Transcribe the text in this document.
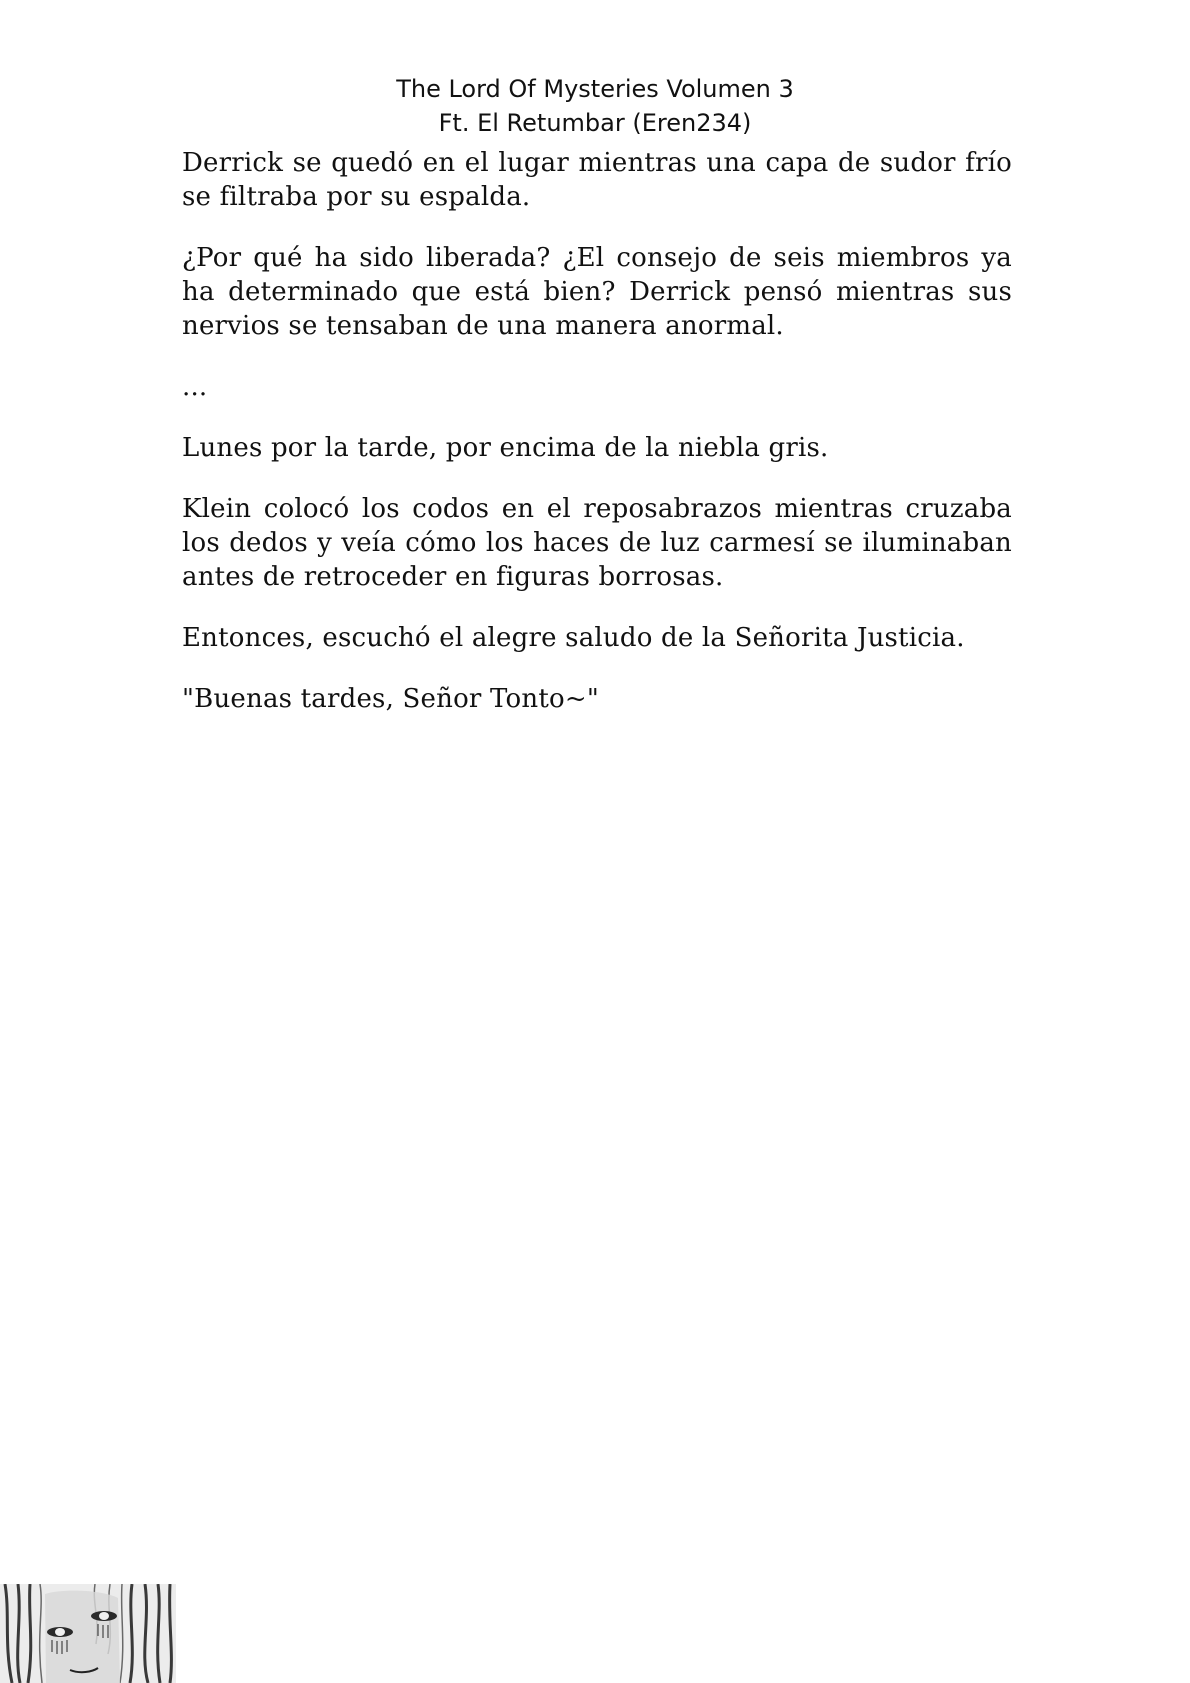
The Lord Of Mysteries Volumen 3
Ft. El Retumbar (Eren234)

Derrick se quedó en el lugar mientras una capa de sudor frío se filtraba por su espalda.

¿Por qué ha sido liberada? ¿El consejo de seis miembros ya ha determinado que está bien? Derrick pensó mientras sus nervios se tensaban de una manera anormal.

...

Lunes por la tarde, por encima de la niebla gris.

Klein colocó los codos en el reposabrazos mientras cruzaba los dedos y veía cómo los haces de luz carmesí se iluminaban antes de retroceder en figuras borrosas.

Entonces, escuchó el alegre saludo de la Señorita Justicia.

"Buenas tardes, Señor Tonto~"
